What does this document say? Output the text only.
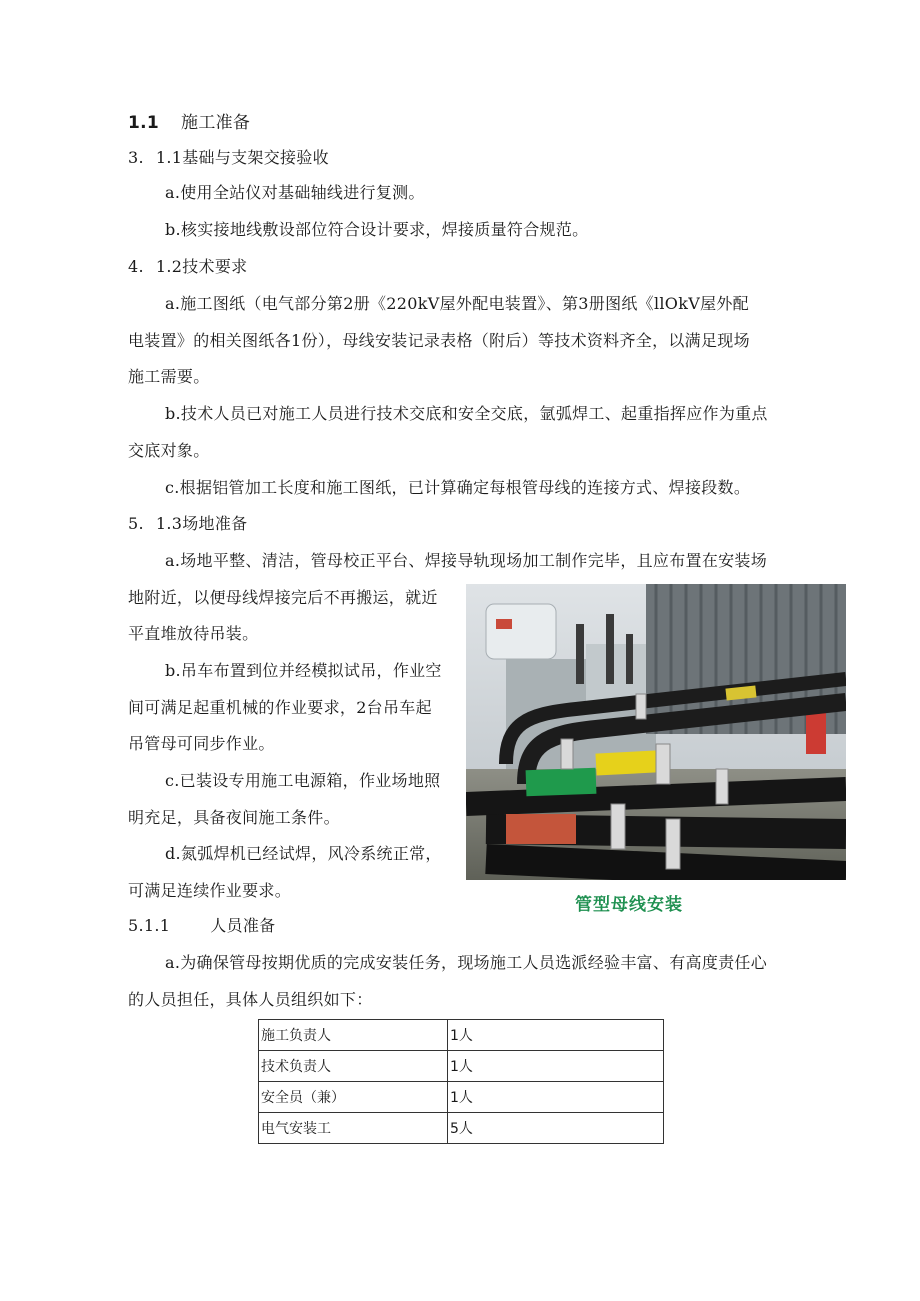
1.1 施工准备
3. 1.1基础与支架交接验收
a.使用全站仪对基础轴线进行复测。
b.核实接地线敷设部位符合设计要求，焊接质量符合规范。
4. 1.2技术要求
a.施工图纸（电气部分第2册《220kV屋外配电装置》、第3册图纸《llOkV屋外配
电装置》的相关图纸各1份），母线安装记录表格（附后）等技术资料齐全，以满足现场
施工需要。
b.技术人员已对施工人员进行技术交底和安全交底，氩弧焊工、起重指挥应作为重点
交底对象。
c.根据铝管加工长度和施工图纸，已计算确定每根管母线的连接方式、焊接段数。
5. 1.3场地准备
a.场地平整、清洁，管母校正平台、焊接导轨现场加工制作完毕，且应布置在安装场
地附近，以便母线焊接完后不再搬运，就近
平直堆放待吊装。
b.吊车布置到位并经模拟试吊，作业空
间可满足起重机械的作业要求，2台吊车起
吊管母可同步作业。
c.已装设专用施工电源箱，作业场地照
明充足，具备夜间施工条件。
d.氮弧焊机已经试焊，风冷系统正常，
可满足连续作业要求。
管型母线安装
5.1.1	人员准备
a.为确保管母按期优质的完成安装任务，现场施工人员选派经验丰富、有高度责任心
的人员担任，具体人员组织如下：
施工负责人	1人
技术负责人	1人
安全员（兼）	1人
电气安装工	5人
